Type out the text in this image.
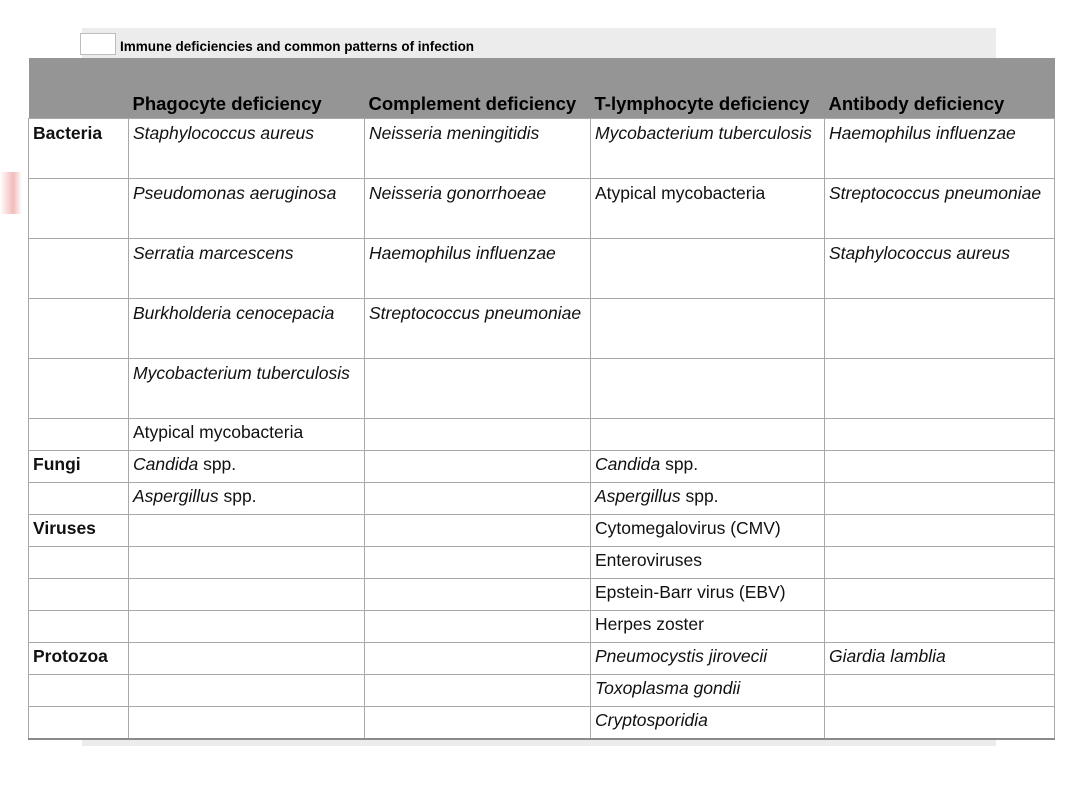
Immune deficiencies and common patterns of infection
	Phagocyte deficiency	Complement deficiency	T-lymphocyte deficiency	Antibody deficiency
Bacteria	Staphylococcus aureus	Neisseria meningitidis	Mycobacterium tuberculosis	Haemophilus influenzae
	Pseudomonas aeruginosa	Neisseria gonorrhoeae	Atypical mycobacteria	Streptococcus pneumoniae
	Serratia marcescens	Haemophilus influenzae		Staphylococcus aureus
	Burkholderia cenocepacia	Streptococcus pneumoniae		
	Mycobacterium tuberculosis			
	Atypical mycobacteria			
Fungi	Candida spp.		Candida spp.	
	Aspergillus spp.		Aspergillus spp.	
Viruses			Cytomegalovirus (CMV)	
			Enteroviruses	
			Epstein-Barr virus (EBV)	
			Herpes zoster	
Protozoa			Pneumocystis jirovecii	Giardia lamblia
			Toxoplasma gondii	
			Cryptosporidia	
